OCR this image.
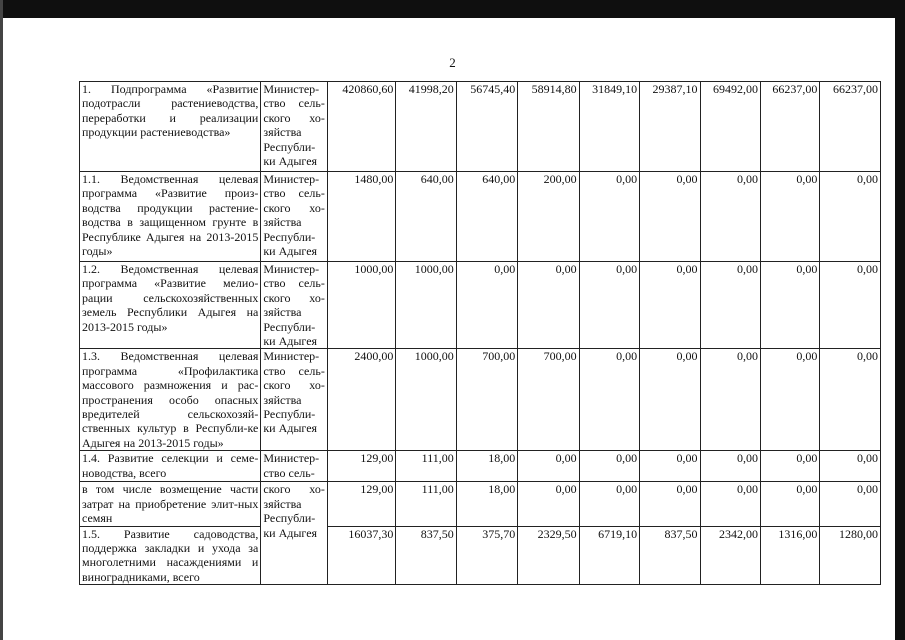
2
1. Подпрограмма «Развитие подотрасли растениеводства, переработки и реализации продукции растениеводства»	Министер-ство сель-ского хо-зяйства Республи-ки Адыгея	420860,60	41998,20	56745,40	58914,80	31849,10	29387,10	69492,00	66237,00	66237,00
1.1. Ведомственная целевая программа «Развитие произ-водства продукции растение-водства в защищенном грунте в Республике Адыгея на 2013-2015 годы»	Министер-ство сель-ского хо-зяйства Республи-ки Адыгея	1480,00	640,00	640,00	200,00	0,00	0,00	0,00	0,00	0,00
1.2. Ведомственная целевая программа «Развитие мелио-рации сельскохозяйственных земель Республики Адыгея на 2013-2015 годы»	Министер-ство сель-ского хо-зяйства Республи-ки Адыгея	1000,00	1000,00	0,00	0,00	0,00	0,00	0,00	0,00	0,00
1.3. Ведомственная целевая программа «Профилактика массового размножения и рас-пространения особо опасных вредителей сельскохозяй-ственных культур в Республи-ке Адыгея на 2013-2015 годы»	Министер-ство сель-ского хо-зяйства Республи-ки Адыгея	2400,00	1000,00	700,00	700,00	0,00	0,00	0,00	0,00	0,00
1.4. Развитие селекции и семе-новодства, всего	Министер-ство сель-	129,00	111,00	18,00	0,00	0,00	0,00	0,00	0,00	0,00
в том числе возмещение части затрат на приобретение элит-ных семян	ского хо-зяйства Республи-	129,00	111,00	18,00	0,00	0,00	0,00	0,00	0,00	0,00
1.5. Развитие садоводства, поддержка закладки и ухода за многолетними насаждениями и виноградниками, всего	ки Адыгея	16037,30	837,50	375,70	2329,50	6719,10	837,50	2342,00	1316,00	1280,00
